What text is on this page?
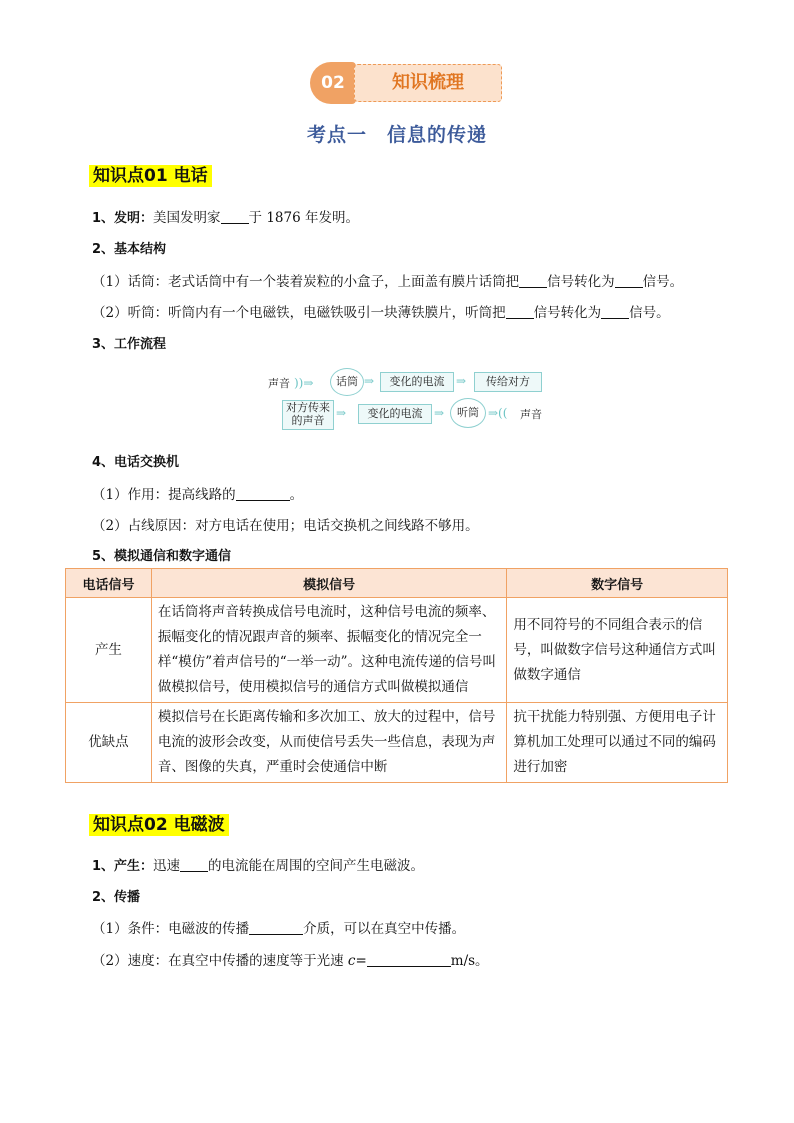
02	知识梳理
考点一　信息的传递
知识点01 电话
1、发明：美国发明家 于 1876 年发明。
2、基本结构
（1）话筒：老式话筒中有一个装着炭粒的小盒子，上面盖有膜片话筒把 信号转化为 信号。
（2）听筒：听筒内有一个电磁铁，电磁铁吸引一块薄铁膜片，听筒把 信号转化为 信号。
3、工作流程
声音 ))⇒	话筒 ⇒	变化的电流 ⇒	传给对方
对方传来
的声音
⇒	变化的电流 ⇒	听筒 ⇒(( 声音
4、电话交换机
（1）作用：提高线路的	。
（2）占线原因：对方电话在使用；电话交换机之间线路不够用。
5、模拟通信和数字通信
电话信号	模拟信号	数字信号
产生	在话筒将声音转换成信号电流时，这种信号电流的频率、振幅变化的情况跟声音的频率、振幅变化的情况完全一样“模仿”着声信号的“一举一动”。这种电流传递的信号叫做模拟信号，使用模拟信号的通信方式叫做模拟通信	用不同符号的不同组合表示的信号，叫做数字信号这种通信方式叫做数字通信
优缺点	模拟信号在长距离传输和多次加工、放大的过程中，信号电流的波形会改变，从而使信号丢失一些信息，表现为声音、图像的失真，严重时会使通信中断	抗干扰能力特别强、方便用电子计算机加工处理可以通过不同的编码进行加密
知识点02 电磁波
1、产生：迅速 的电流能在周围的空间产生电磁波。
2、传播
（1）条件：电磁波的传播	介质，可以在真空中传播。
（2）速度：在真空中传播的速度等于光速 c=	m/s。
